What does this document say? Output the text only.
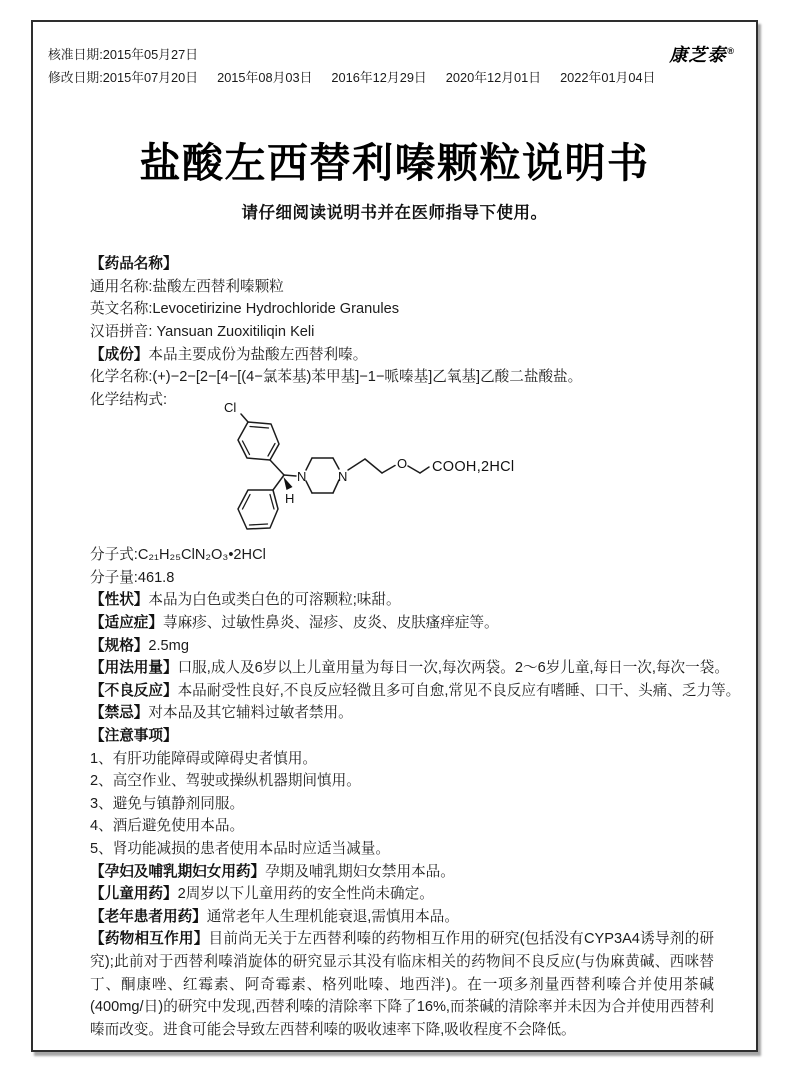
核准日期:2015年05月27日
修改日期:2015年07月20日 2015年08月03日 2016年12月29日 2020年12月01日 2022年01月04日
康芝泰®
盐酸左西替利嗪颗粒说明书
请仔细阅读说明书并在医师指导下使用。
【药品名称】
通用名称:盐酸左西替利嗪颗粒
英文名称:Levocetirizine Hydrochloride Granules
汉语拼音: Yansuan Zuoxitiliqin Keli
【成份】本品主要成份为盐酸左西替利嗪。
化学名称:(+)−2−[2−[4−[(4−氯苯基)苯甲基]−1−哌嗪基]乙氧基]乙酸二盐酸盐。
化学结构式:
Cl
H
N N
O COOH,2HCl
分子式:C₂₁H₂₅ClN₂O₃•2HCl
分子量:461.8
【性状】本品为白色或类白色的可溶颗粒;味甜。
【适应症】荨麻疹、过敏性鼻炎、湿疹、皮炎、皮肤瘙痒症等。
【规格】2.5mg
【用法用量】口服,成人及6岁以上儿童用量为每日一次,每次两袋。2～6岁儿童,每日一次,每次一袋。
【不良反应】本品耐受性良好,不良反应轻微且多可自愈,常见不良反应有嗜睡、口干、头痛、乏力等。
【禁忌】对本品及其它辅料过敏者禁用。
【注意事项】
1、有肝功能障碍或障碍史者慎用。
2、高空作业、驾驶或操纵机器期间慎用。
3、避免与镇静剂同服。
4、酒后避免使用本品。
5、肾功能减损的患者使用本品时应适当减量。
【孕妇及哺乳期妇女用药】孕期及哺乳期妇女禁用本品。
【儿童用药】2周岁以下儿童用药的安全性尚未确定。
【老年患者用药】通常老年人生理机能衰退,需慎用本品。
【药物相互作用】目前尚无关于左西替利嗪的药物相互作用的研究(包括没有CYP3A4诱导剂的研究);此前对于西替利嗪消旋体的研究显示其没有临床相关的药物间不良反应(与伪麻黄碱、西咪替丁、酮康唑、红霉素、阿奇霉素、格列吡嗪、地西泮)。在一项多剂量西替利嗪合并使用茶碱(400mg/日)的研究中发现,西替利嗪的清除率下降了16%,而茶碱的清除率并未因为合并使用西替利嗪而改变。进食可能会导致左西替利嗪的吸收速率下降,吸收程度不会降低。
